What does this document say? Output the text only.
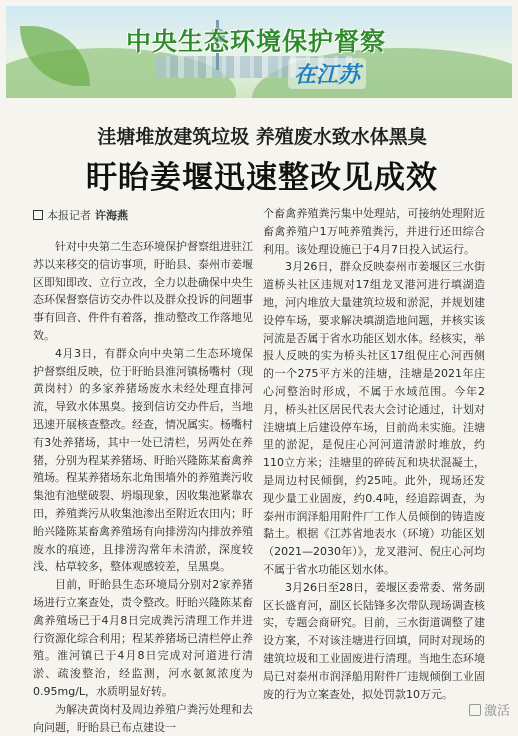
中央生态环境保护督察
在江苏
洼塘堆放建筑垃圾 养殖废水致水体黑臭
盱眙姜堰迅速整改见成效
本报记者 许海燕

针对中央第二生态环境保护督察组进驻江苏以来移交的信访事项，盱眙县、泰州市姜堰区即知即改、立行立改，全力以赴确保中央生态环保督察信访交办件以及群众投诉的问题事事有回音、件件有着落，推动整改工作落地见效。

4月3日，有群众向中央第二生态环境保护督察组反映，位于盱眙县淮河镇杨嘴村（现黄岗村）的多家养猪场废水未经处理直排河流，导致水体黑臭。接到信访交办件后，当地迅速开展核查整改。经查，情况属实。杨嘴村有3处养猪场，其中一处已清栏，另两处在养猪，分别为程某养猪场、盱眙兴隆陈某畜禽养殖场。程某养猪场东北角围墙外的养殖粪污收集池有池壁破裂、坍塌现象，因收集池紧靠农田，养殖粪污从收集池渗出至附近农田内；盱眙兴隆陈某畜禽养殖场有向排涝沟内排放养殖废水的痕迹，且排涝沟常年未清淤，深度较浅、枯草较多，整体观感较差，呈黑臭。

目前，盱眙县生态环境局分别对2家养猪场进行立案查处，责令整改。盱眙兴隆陈某畜禽养殖场已于4月8日完成粪污清理工作并进行资源化综合利用；程某养猪场已清栏停止养殖。淮河镇已于4月8日完成对河道进行清淤、疏浚整治，经监测，河水氨氮浓度为0.95mg/L，水质明显好转。

为解决黄岗村及周边养殖户粪污处理和去向问题，盱眙县已布点建设一

个畜禽养殖粪污集中处理站，可接纳处理附近畜禽养殖户1万吨养殖粪污，并进行还田综合利用。该处理设施已于4月7日投入试运行。

3月26日，群众反映泰州市姜堰区三水街道桥头社区违规对17组龙叉港河进行填湖造地，河内堆放大量建筑垃圾和淤泥，并规划建设停车场，要求解决填湖造地问题，并核实该河流是否属于省水功能区划水体。经核实，举报人反映的实为桥头社区17组倪庄心河西侧的一个275平方米的洼塘，洼塘是2021年庄心河整治时形成，不属于水域范围。今年2月，桥头社区居民代表大会讨论通过，计划对洼塘填上后建设停车场，目前尚未实施。洼塘里的淤泥，是倪庄心河河道清淤时堆放，约110立方米；洼塘里的碎砖瓦和块状混凝土，是周边村民倾倒，约25吨。此外，现场还发现少量工业固废，约0.4吨，经追踪调查，为泰州市润泽船用附件厂工作人员倾倒的铸造废黏土。根据《江苏省地表水（环境）功能区划（2021—2030年）》，龙叉港河、倪庄心河均不属于省水功能区划水体。

3月26日至28日，姜堰区委常委、常务副区长盛育河，副区长陆锋多次带队现场调查核实，专题会商研究。目前，三水街道调整了建设方案，不对该洼塘进行回填，同时对现场的建筑垃圾和工业固废进行清理。当地生态环境局已对泰州市润泽船用附件厂违规倾倒工业固废的行为立案查处，拟处罚款10万元。

激活
